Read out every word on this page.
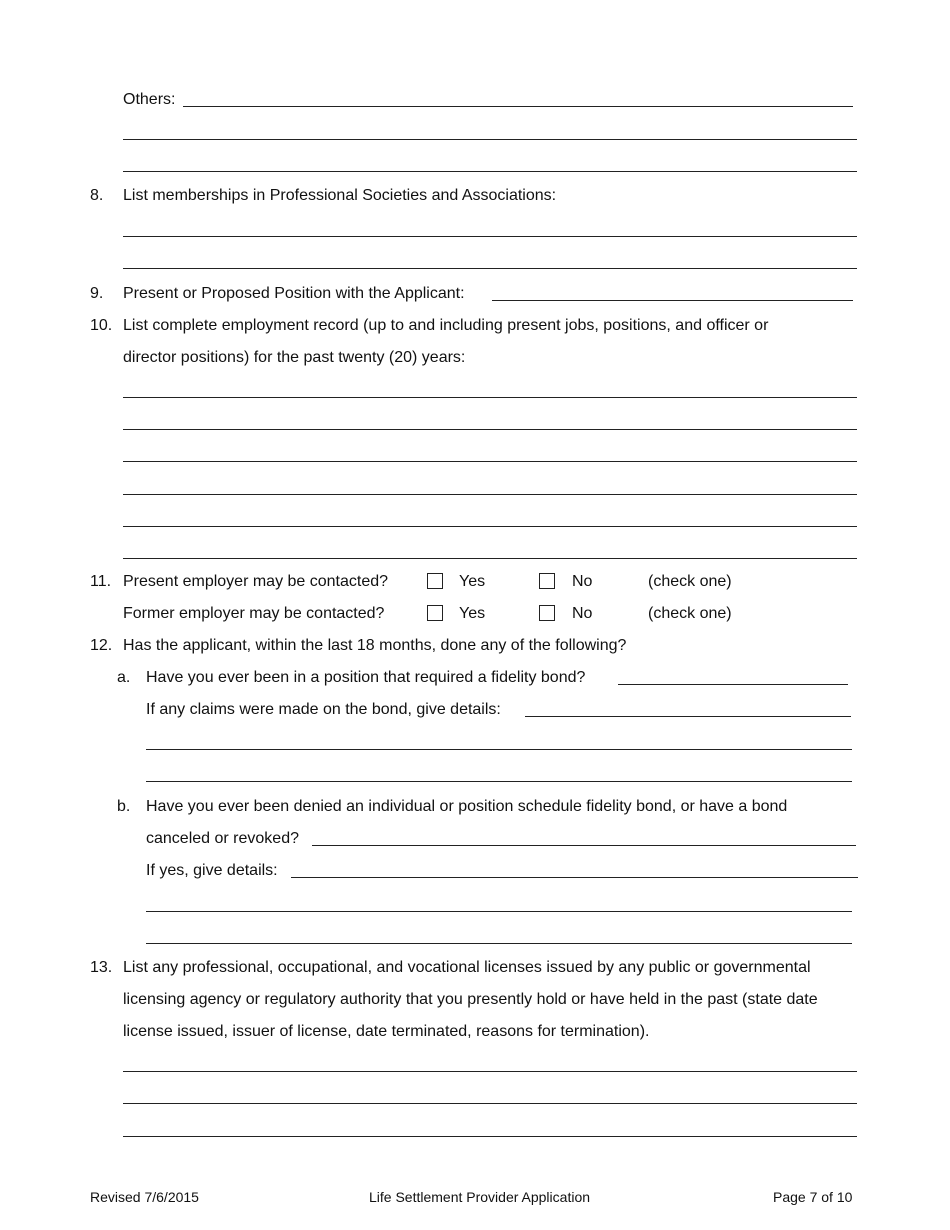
Others:
8. List memberships in Professional Societies and Associations:
9. Present or Proposed Position with the Applicant:
10. List complete employment record (up to and including present jobs, positions, and officer or
director positions) for the past twenty (20) years:
11. Present employer may be contacted?	Yes	No	(check one)
Former employer may be contacted?	Yes	No	(check one)
12. Has the applicant, within the last 18 months, done any of the following?
a. Have you ever been in a position that required a fidelity bond?
If any claims were made on the bond, give details:
b. Have you ever been denied an individual or position schedule fidelity bond, or have a bond
canceled or revoked?
If yes, give details:
13. List any professional, occupational, and vocational licenses issued by any public or governmental
licensing agency or regulatory authority that you presently hold or have held in the past (state date
license issued, issuer of license, date terminated, reasons for termination).
Revised 7/6/2015	Life Settlement Provider Application	Page 7 of 10
